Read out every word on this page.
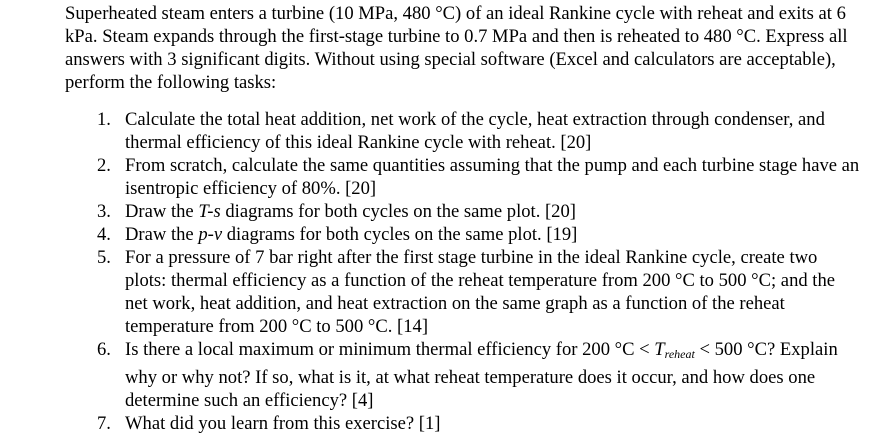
Superheated steam enters a turbine (10 MPa, 480 °C) of an ideal Rankine cycle with reheat and exits at 6 kPa. Steam expands through the first-stage turbine to 0.7 MPa and then is reheated to 480 °C. Express all answers with 3 significant digits. Without using special software (Excel and calculators are acceptable), perform the following tasks:

1. Calculate the total heat addition, net work of the cycle, heat extraction through condenser, and thermal efficiency of this ideal Rankine cycle with reheat. [20]
2. From scratch, calculate the same quantities assuming that the pump and each turbine stage have an isentropic efficiency of 80%. [20]
3. Draw the T-s diagrams for both cycles on the same plot. [20]
4. Draw the p-v diagrams for both cycles on the same plot. [19]
5. For a pressure of 7 bar right after the first stage turbine in the ideal Rankine cycle, create two plots: thermal efficiency as a function of the reheat temperature from 200 °C to 500 °C; and the net work, heat addition, and heat extraction on the same graph as a function of the reheat temperature from 200 °C to 500 °C. [14]
6. Is there a local maximum or minimum thermal efficiency for 200 $^\circ C < T_{reheat} < 500$ °C? Explain why or why not? If so, what is it, at what reheat temperature does it occur, and how does one determine such an efficiency? [4]
7. What did you learn from this exercise? [1]
